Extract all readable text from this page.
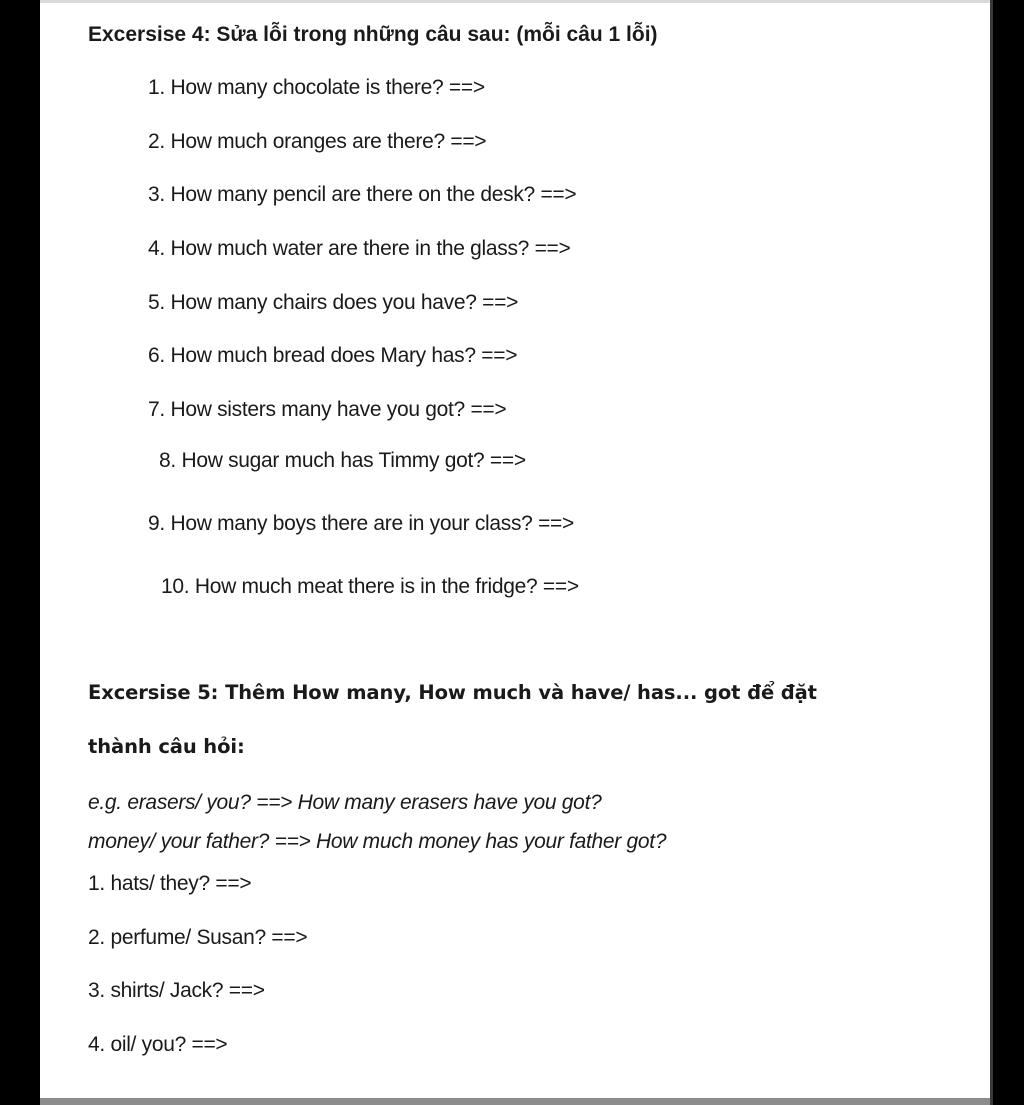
Excersise 4: Sửa lỗi trong những câu sau: (mỗi câu 1 lỗi)
1. How many chocolate is there? ==>
2. How much oranges are there? ==>
3. How many pencil are there on the desk? ==>
4. How much water are there in the glass? ==>
5. How many chairs does you have? ==>
6. How much bread does Mary has? ==>
7. How sisters many have you got? ==>
8. How sugar much has Timmy got? ==>
9. How many boys there are in your class? ==>
10. How much meat there is in the fridge? ==>
Excersise 5: Thêm How many, How much và have/ has... got để đặt
thành câu hỏi:
e.g. erasers/ you? ==> How many erasers have you got?
money/ your father? ==> How much money has your father got?
1. hats/ they? ==>
2. perfume/ Susan? ==>
3. shirts/ Jack? ==>
4. oil/ you? ==>
